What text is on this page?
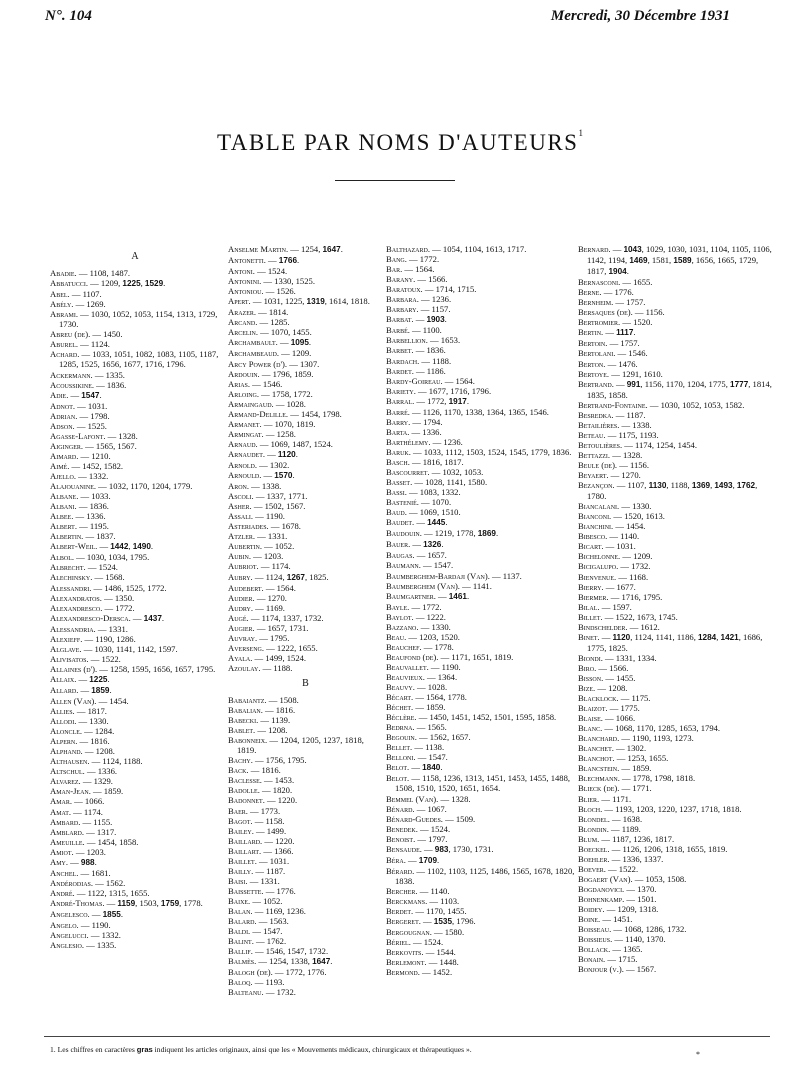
N°. 104	Mercredi, 30 Décembre 1931
TABLE PAR NOMS D'AUTEURS$^1$
A
Abadie. — 1108, 1487.
Abbatucci. — 1209, 1225, 1529.
Abel. — 1107.
Abély. — 1269.
Abrami. — 1030, 1052, 1053, 1154, 1313, 1729, 1730.
Abreu (de). — 1450.
Aburel. — 1124.
Achard. — 1033, 1051, 1082, 1083, 1105, 1187, 1285, 1525, 1656, 1677, 1716, 1796.
Ackermann. — 1335.
Acoussikine. — 1836.
Adie. — 1547.
Adnot. — 1031.
Adrian. — 1798.
Adson. — 1525.
Agasse-Lafont. — 1328.
Aiginger. — 1565, 1567.
Aimard. — 1210.
Aimé. — 1452, 1582.
Ajello. — 1332.
Alajouanine. — 1032, 1170, 1204, 1779.
Albane. — 1033.
Albani. — 1836.
Albee. — 1336.
Albert. — 1195.
Albertin. — 1837.
Albert-Weil. — 1442, 1490.
Albol. — 1030, 1034, 1795.
Albrecht. — 1524.
Alechinsky. — 1568.
Alessandri. — 1486, 1525, 1772.
Alexandratos. — 1350.
Alexandresco. — 1772.
Alexandresco-Dersca. — 1437.
Alessandria. — 1331.
Alexieff. — 1190, 1286.
Alglave. — 1030, 1141, 1142, 1597.
Alivisatos. — 1522.
Allaines (d'). — 1258, 1595, 1656, 1657, 1795.
Allaix. — 1225.
Allard. — 1859.
Allen (Van). — 1454.
Allies. — 1817.
Allodi. — 1330.
Aloncle. — 1284.
Alpern. — 1816.
Alphand. — 1208.
Althausen. — 1124, 1188.
Altschul. — 1336.
Alvarez. — 1329.
Aman-Jean. — 1859.
Amar. — 1066.
Amat. — 1174.
Ambard. — 1155.
Amblard. — 1317.
Ameuille. — 1454, 1858.
Amiot. — 1203.
Amy. — 988.
Anchel. — 1681.
Andérodias. — 1562.
André. — 1122, 1315, 1655.
André-Thomas. — 1159, 1503, 1759, 1778.
Angelesco. — 1855.
Angelo. — 1190.
Angelucci. — 1332.
Anglesio. — 1335.
Anselme Martin. — 1254, 1647.
Antonetti. — 1766.
Antoni. — 1524.
Antonini. — 1330, 1525.
Antoniou. — 1526.
Apert. — 1031, 1225, 1319, 1614, 1818.
Arazer. — 1814.
Arcand. — 1285.
Arcelin. — 1070, 1455.
Archambault. — 1095.
Archambeaud. — 1209.
Arcy Power (d'). — 1307.
Ardouin. — 1796, 1859.
Arias. — 1546.
Arlоing. — 1758, 1772.
Armaingaud. — 1028.
Armand-Delille. — 1454, 1798.
Armanet. — 1070, 1819.
Armingat. — 1258.
Arnaud. — 1069, 1487, 1524.
Arnaudet. — 1120.
Arnold. — 1302.
Arnould. — 1570.
Aron. — 1338.
Ascoli. — 1337, 1771.
Asher. — 1502, 1567.
Assali. — 1190.
Asteriades. — 1678.
Atzler. — 1331.
Aubertin. — 1052.
Aubin. — 1203.
Aubriot. — 1174.
Aubry. — 1124, 1267, 1825.
Audebert. — 1564.
Audier. — 1270.
Audry. — 1169.
Augé. — 1174, 1337, 1732.
Augier. — 1657, 1731.
Auvray. — 1795.
Averseng. — 1222, 1655.
Ayala. — 1499, 1524.
Azoulay. — 1188.
B
Babaiantz. — 1508.
Babalian. — 1816.
Babecki. — 1139.
Bablet. — 1208.
Babonneix. — 1204, 1205, 1237, 1818, 1819.
Bachy. — 1756, 1795.
Back. — 1816.
Baclesse. — 1453.
Badolle. — 1820.
Badonnet. — 1220.
Baer. — 1773.
Bagot. — 1158.
Bailey. — 1499.
Baillard. — 1220.
Baillart. — 1366.
Baillet. — 1031.
Bailly. — 1187.
Baisi. — 1331.
Baissette. — 1776.
Baixe. — 1052.
Balan. — 1169, 1236.
Balard. — 1563.
Baldi. — 1547.
Balint. — 1762.
Ballif. — 1546, 1547, 1732.
Balmès. — 1254, 1338, 1647.
Balogh (de). — 1772, 1776.
Baloq. — 1193.
Balteanu. — 1732.
Balthazard. — 1054, 1104, 1613, 1717.
Bang. — 1772.
Bar. — 1564.
Barany. — 1566.
Barатoux. — 1714, 1715.
Barbara. — 1236.
Barbary. — 1157.
Barbat. — 1903.
Barbé. — 1100.
Barbellion. — 1653.
Barbet. — 1836.
Bardach. — 1188.
Bardet. — 1186.
Bardy-Goireau. — 1564.
Bariety. — 1677, 1716, 1796.
Barral. — 1772, 1917.
Barré. — 1126, 1170, 1338, 1364, 1365, 1546.
Barry. — 1794.
Barta. — 1336.
Barthélemy. — 1236.
Baruk. — 1033, 1112, 1503, 1524, 1545, 1779, 1836.
Basch. — 1816, 1817.
Bascourret. — 1032, 1053.
Basset. — 1028, 1141, 1580.
Bassi. — 1083, 1332.
Bastenié. — 1070.
Baud. — 1069, 1510.
Baudet. — 1445.
Baudouin. — 1219, 1778, 1869.
Bauer. — 1326.
Baugas. — 1657.
Baumann. — 1547.
Baumberghem-Bardaji (Van). — 1137.
Baumberghem (Van). — 1141.
Baumgartner. — 1461.
Bayle. — 1772.
Baylot. — 1222.
Bazzano. — 1330.
Beau. — 1203, 1520.
Beauchef. — 1778.
Beaufond (de). — 1171, 1651, 1819.
Beauvallet. — 1190.
Beauvieux. — 1364.
Beauvy. — 1028.
Bécart. — 1564, 1778.
Béchet. — 1859.
Béclère. — 1450, 1451, 1452, 1501, 1595, 1858.
Bedrna. — 1565.
Begouin. — 1562, 1657.
Bellet. — 1138.
Belloni. — 1547.
Belot. — 1840.
Belot. — 1158, 1236, 1313, 1451, 1453, 1455, 1488, 1508, 1510, 1520, 1651, 1654.
Bemmel (Van). — 1328.
Bénard. — 1067.
Bénard-Guedes. — 1509.
Benedek. — 1524.
Benoist. — 1797.
Bensaude. — 983, 1730, 1731.
Béra. — 1709.
Bérard. — 1102, 1103, 1125, 1486, 1565, 1678, 1820, 1838.
Bercher. — 1140.
Berckmans. — 1103.
Berdet. — 1170, 1455.
Bergeret. — 1535, 1796.
Bergougnan. — 1580.
Bériel. — 1524.
Berkovits. — 1544.
Berlemont. — 1448.
Bermond. — 1452.
Bernard. — 1043, 1029, 1030, 1031, 1104, 1105, 1106, 1142, 1194, 1469, 1581, 1589, 1656, 1665, 1729, 1817, 1904.
Bernasconi. — 1655.
Berne. — 1776.
Bernheim. — 1757.
Bersaques (de). — 1156.
Bertromier. — 1520.
Bertin. — 1117.
Bertoin. — 1757.
Bertolani. — 1546.
Berton. — 1476.
Bertoye. — 1291, 1610.
Bertrand. — 991, 1156, 1170, 1204, 1775, 1777, 1814, 1835, 1858.
Bertrand-Fontaine. — 1030, 1052, 1053, 1582.
Besredka. — 1187.
Betailières. — 1338.
Beteau. — 1175, 1193.
Betoulières. — 1174, 1254, 1454.
Bettazzi. — 1328.
Beule (de). — 1156.
Beyaert. — 1270.
Bezançon. — 1107, 1130, 1188, 1369, 1493, 1762, 1780.
Biancalani. — 1330.
Bianconi. — 1520, 1613.
Bianchini. — 1454.
Bibesco. — 1140.
Bicart. — 1031.
Bichelonne. — 1209.
Bicigalupo. — 1732.
Bienvenue. — 1168.
Bierry. — 1677.
Biermer. — 1716, 1795.
Bilal. — 1597.
Billet. — 1522, 1673, 1745.
Bindschelder. — 1612.
Binet. — 1120, 1124, 1141, 1186, 1284, 1421, 1686, 1775, 1825.
Biondi. — 1331, 1334.
Biro. — 1566.
Bisson. — 1455.
Bize. — 1208.
Blacklock. — 1175.
Blaizot. — 1775.
Blaise. — 1066.
Blanc. — 1068, 1170, 1285, 1653, 1794.
Blanchard. — 1190, 1193, 1273.
Blanchet. — 1302.
Blanchot. — 1253, 1655.
Blancstein. — 1859.
Blechmann. — 1778, 1798, 1818.
Blieck (de). — 1771.
Blier. — 1171.
Bloch. — 1193, 1203, 1220, 1237, 1718, 1818.
Blondel. — 1638.
Blondin. — 1189.
Blum. — 1187, 1236, 1817.
Boeckel. — 1126, 1206, 1318, 1655, 1819.
Boehler. — 1336, 1337.
Boever. — 1522.
Bogaert (Van). — 1053, 1508.
Bogdanovici. — 1370.
Bohnenkamp. — 1501.
Boidey. — 1209, 1318.
Boine. — 1451.
Boisseau. — 1068, 1286, 1732.
Boissieus. — 1140, 1370.
Bollack. — 1365.
Bonain. — 1715.
Bonjour (v.). — 1567.
1. Les chiffres en caractères gras indiquent les articles originaux, ainsi que les « Mouvements médicaux, chirurgicaux et thérapeutiques ».
*
